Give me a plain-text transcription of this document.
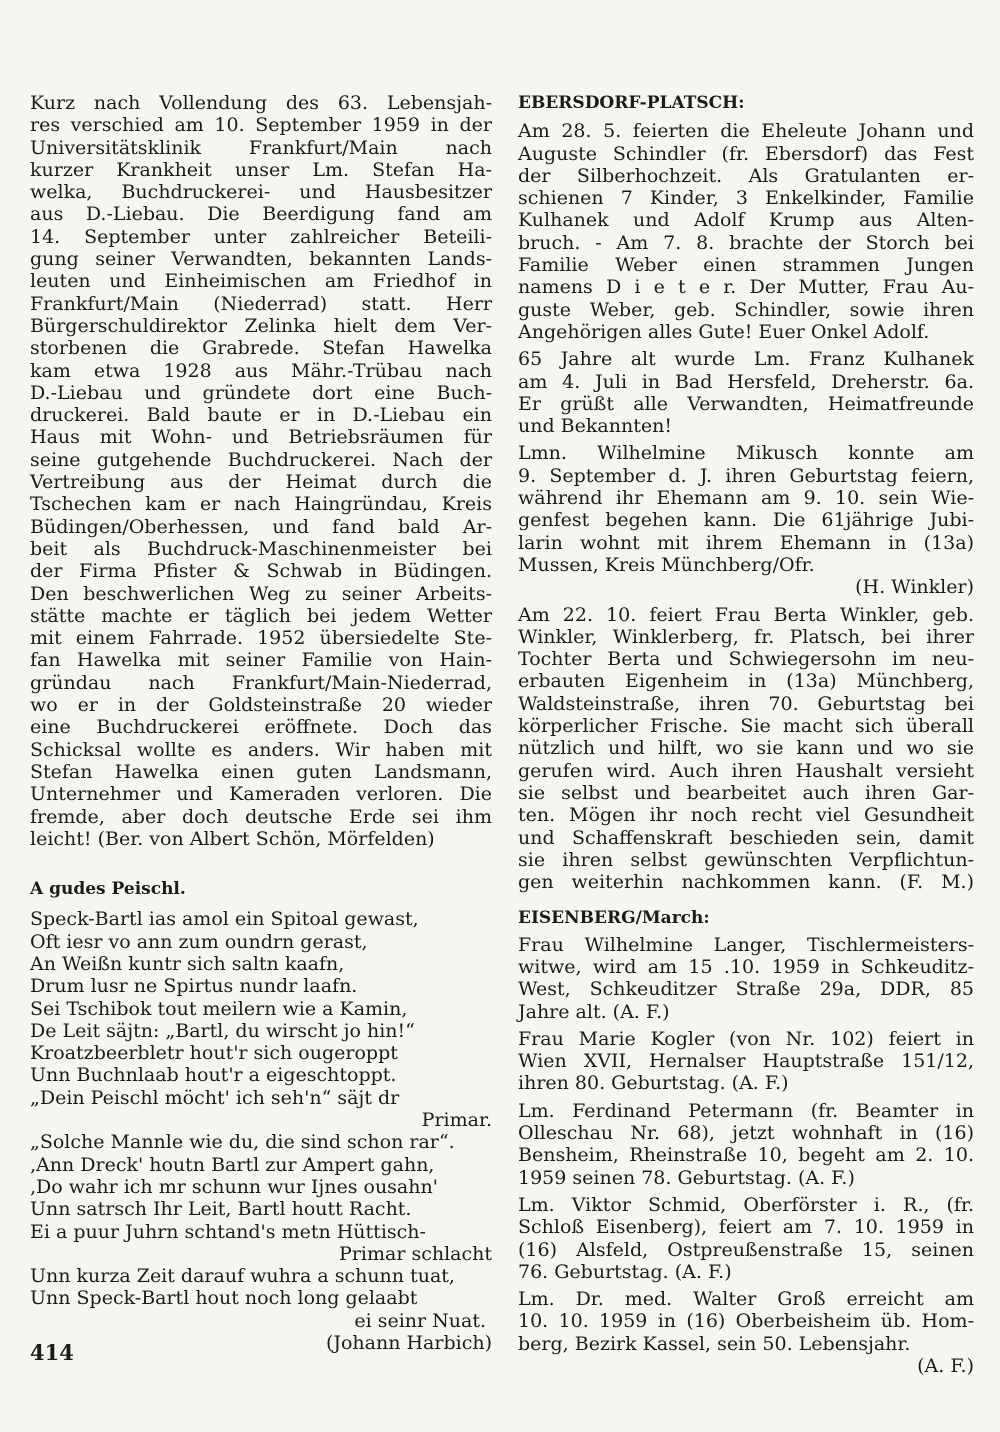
Kurz nach Vollendung des 63. Lebensjah-
res verschied am 10. September 1959 in der
Universitätsklinik Frankfurt/Main nach
kurzer Krankheit unser Lm. Stefan Ha-
welka, Buchdruckerei- und Hausbesitzer
aus D.-Liebau. Die Beerdigung fand am
14. September unter zahlreicher Beteili-
gung seiner Verwandten, bekannten Lands-
leuten und Einheimischen am Friedhof in
Frankfurt/Main (Niederrad) statt. Herr
Bürgerschuldirektor Zelinka hielt dem Ver-
storbenen die Grabrede. Stefan Hawelka
kam etwa 1928 aus Mähr.-Trübau nach
D.-Liebau und gründete dort eine Buch-
druckerei. Bald baute er in D.-Liebau ein
Haus mit Wohn- und Betriebsräumen für
seine gutgehende Buchdruckerei. Nach der
Vertreibung aus der Heimat durch die
Tschechen kam er nach Haingründau, Kreis
Büdingen/Oberhessen, und fand bald Ar-
beit als Buchdruck-Maschinenmeister bei
der Firma Pfister & Schwab in Büdingen.
Den beschwerlichen Weg zu seiner Arbeits-
stätte machte er täglich bei jedem Wetter
mit einem Fahrrade. 1952 übersiedelte Ste-
fan Hawelka mit seiner Familie von Hain-
gründau nach Frankfurt/Main-Niederrad,
wo er in der Goldsteinstraße 20 wieder
eine Buchdruckerei eröffnete. Doch das
Schicksal wollte es anders. Wir haben mit
Stefan Hawelka einen guten Landsmann,
Unternehmer und Kameraden verloren. Die
fremde, aber doch deutsche Erde sei ihm
leicht! (Ber. von Albert Schön, Mörfelden)
A gudes Peischl.
Speck-Bartl ias amol ein Spitoal gewast,
Oft iesr vo ann zum oundrn gerast,
An Weißn kuntr sich saltn kaafn,
Drum lusr ne Spirtus nundr laafn.
Sei Tschibok tout meilern wie a Kamin,
De Leit säjtn: „Bartl, du wirscht jo hin!“
Kroatzbeerbletr hout'r sich ougeroppt
Unn Buchnlaab hout'r a eigeschtoppt.
„Dein Peischl möcht' ich seh'n“ säjt dr
Primar.
„Solche Mannle wie du, die sind schon rar“.
‚Ann Dreck' houtn Bartl zur Ampert gahn,
‚Do wahr ich mr schunn wur Ijnes ousahn'
Unn satrsch Ihr Leit, Bartl houtt Racht.
Ei a puur Juhrn schtand's metn Hüttisch-
Primar schlacht
Unn kurza Zeit darauf wuhra a schunn tuat,
Unn Speck-Bartl hout noch long gelaabt
ei seinr Nuat.
(Johann Harbich)
EBERSDORF-PLATSCH:
Am 28. 5. feierten die Eheleute Johann und
Auguste Schindler (fr. Ebersdorf) das Fest
der Silberhochzeit. Als Gratulanten er-
schienen 7 Kinder, 3 Enkelkinder, Familie
Kulhanek und Adolf Krump aus Alten-
bruch. - Am 7. 8. brachte der Storch bei
Familie Weber einen strammen Jungen
namens D i e t e r. Der Mutter, Frau Au-
guste Weber, geb. Schindler, sowie ihren
Angehörigen alles Gute! Euer Onkel Adolf.
65 Jahre alt wurde Lm. Franz Kulhanek
am 4. Juli in Bad Hersfeld, Dreherstr. 6a.
Er grüßt alle Verwandten, Heimatfreunde
und Bekannten!
Lmn. Wilhelmine Mikusch konnte am
9. September d. J. ihren Geburtstag feiern,
während ihr Ehemann am 9. 10. sein Wie-
genfest begehen kann. Die 61jährige Jubi-
larin wohnt mit ihrem Ehemann in (13a)
Mussen, Kreis Münchberg/Ofr.
(H. Winkler)
Am 22. 10. feiert Frau Berta Winkler, geb.
Winkler, Winklerberg, fr. Platsch, bei ihrer
Tochter Berta und Schwiegersohn im neu-
erbauten Eigenheim in (13a) Münchberg,
Waldsteinstraße, ihren 70. Geburtstag bei
körperlicher Frische. Sie macht sich überall
nützlich und hilft, wo sie kann und wo sie
gerufen wird. Auch ihren Haushalt versieht
sie selbst und bearbeitet auch ihren Gar-
ten. Mögen ihr noch recht viel Gesundheit
und Schaffenskraft beschieden sein, damit
sie ihren selbst gewünschten Verpflichtun-
gen weiterhin nachkommen kann. (F. M.)
EISENBERG/March:
Frau Wilhelmine Langer, Tischlermeisters-
witwe, wird am 15 .10. 1959 in Schkeuditz-
West, Schkeuditzer Straße 29a, DDR, 85
Jahre alt. (A. F.)
Frau Marie Kogler (von Nr. 102) feiert in
Wien XVII, Hernalser Hauptstraße 151/12,
ihren 80. Geburtstag. (A. F.)
Lm. Ferdinand Petermann (fr. Beamter in
Olleschau Nr. 68), jetzt wohnhaft in (16)
Bensheim, Rheinstraße 10, begeht am 2. 10.
1959 seinen 78. Geburtstag. (A. F.)
Lm. Viktor Schmid, Oberförster i. R., (fr.
Schloß Eisenberg), feiert am 7. 10. 1959 in
(16) Alsfeld, Ostpreußenstraße 15, seinen
76. Geburtstag. (A. F.)
Lm. Dr. med. Walter Groß erreicht am
10. 10. 1959 in (16) Oberbeisheim üb. Hom-
berg, Bezirk Kassel, sein 50. Lebensjahr.
(A. F.)
414
